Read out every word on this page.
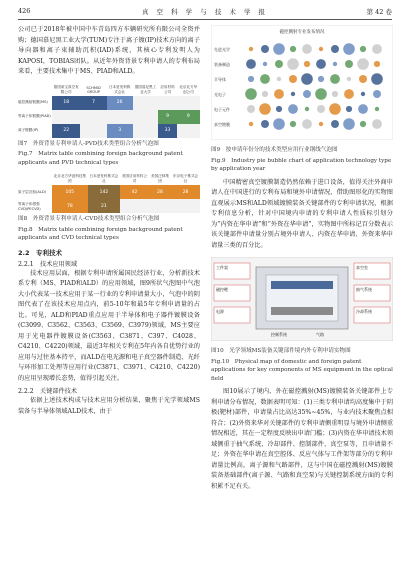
426	真 空 科 学 与 技 术 学 报	第 42 卷

公司已于2018年被中国中车青岛四方车辆研究所有限公司全资并购；德国慕尼黑工业大学(TUM)专注于离子镀(IP)技术方向的离子导向器和离子束辅助沉积(IAD)系统，其核心专利发明人为KAPOSI，TOBIAS团队。从近年外资背景专利申请人的专利布局来看，主要技术集中于MS、PIAD和ALD。

	德国莱宝真空有限公司	SCHMID GROUP	日本爱发科株式会社	德国慕尼黑工业大学	应用材料公司	北京北方华创公司
磁控溅射镀膜(MS)	18	7	26			
等离子体镀膜(PIAD)					9	9
离子镀膜(IP)	22		3		33	

图7　外资背景专利申请人-PVD技术类型组合分析气泡图

Fig.7　Matrix table combining foreign background patent applicants and PVD technical types

	北京北方华创科技集团	日本爱发科株式会社	美国应用材料公司	美国泛林集团	东京电子株式会社
原子层沉积(ALD)	105	142	42	28	28
等离子体增强CVD(PECVD)	78	21			

图8　外资背景专利申请人-CVD技术类型组合分析气泡图

Fig.8　Matrix table combining foreign background patent applicants and CVD technical types

2.2　专利技术
2.2.1　技术应用领域

技术应用层面，根据专利申请所属国民经济行业，分析新技术系专利（MS、PIAD和ALD）的应用领域，图9所状气泡图中气泡大小代表某一技术应用于某一行业的专利申请量大小，气泡中的阴图代表了在该技术应用点内，前5-10年和最5年专利申请量的占比。可见，ALD和PIAD重点应用于半导体和电子器件镀膜设备(C3099、C3562、C3563、C3569、C3979)领域，MS主要应用于光电器件镀膜设备(C3563、C3871、C397、C4028、C4210、C4220)领域，最近3年相关专利在5年内各自优势行业的应用与过往基本持平，而ALD在电光源和电子真空器件制造、光纤与环形加工处理等应用行业(C3871、C3971、C4210、C4220)的应用呈现增长态势，值得引起关注。

2.2.2　关键部件技术

依据上述技术构成与技术应用分析结果，聚焦于光学领域MS装备与半导体领域ALD技术，由于

磁控溅射专业发布情况
先进光学
装备制造
半导体
光电子
电子元件
真空镀膜

图9　按申请年份分的技术类型应用行业钢线气泡图

Fig.9　Industry pie bubble chart of application technology type by application year

中国精密真空镀膜制造仍然依赖于进口设备，值得关注外商申请人在中国进行的专利布局和境外申请情况，借助图形化的实物图直观展示MS和ALD领域镀膜装备关键部件的专利申请状况，根据专利信息分析，针对中国境内申请的专利申请人性质标引划分为“内资在华申请”和“外资在华申请”，实物图中所标记百分数表示该关键部件申请量分别占境外申请人、内资在华申请、外资来华申请量三类的百分比。

工件架
磁控靶
电源
真空室
抽气系统
冷却系统
控制系统	气路

图10　光学领域MS装备关键部件境内外专利申请实物图

Fig.10　Physical map of domestic and foreign patent applications for key components of MS equipment in the optical field

图10展示了境内、外在磁控溅射(MS)镀膜装备关键部件上专利申请分布情况，数据表明可知：(1)三类专利申请均高度集中于阴极(靶材)部件，申请量占比高达35%~45%，与业内技术聚焦点相符合；(2)外资来华对关键部件的专利申请侧重明显与境外申请侧重情况相近，其在一定程度反映出申请门槛；(3)内资在华申请技术领域侧重于抽气系统、冷却部件、控制部件、真空泵等，且申请量不足；外资在华申请在真空腔体、反应气体与工件架等部分的专利申请量比例高，离子源和气路部件，这与中国在磁控溅射(MS)镀膜装备基础部件(离子源、气路和真空泵)与关键控制系统方面的专利积累不足有关。
